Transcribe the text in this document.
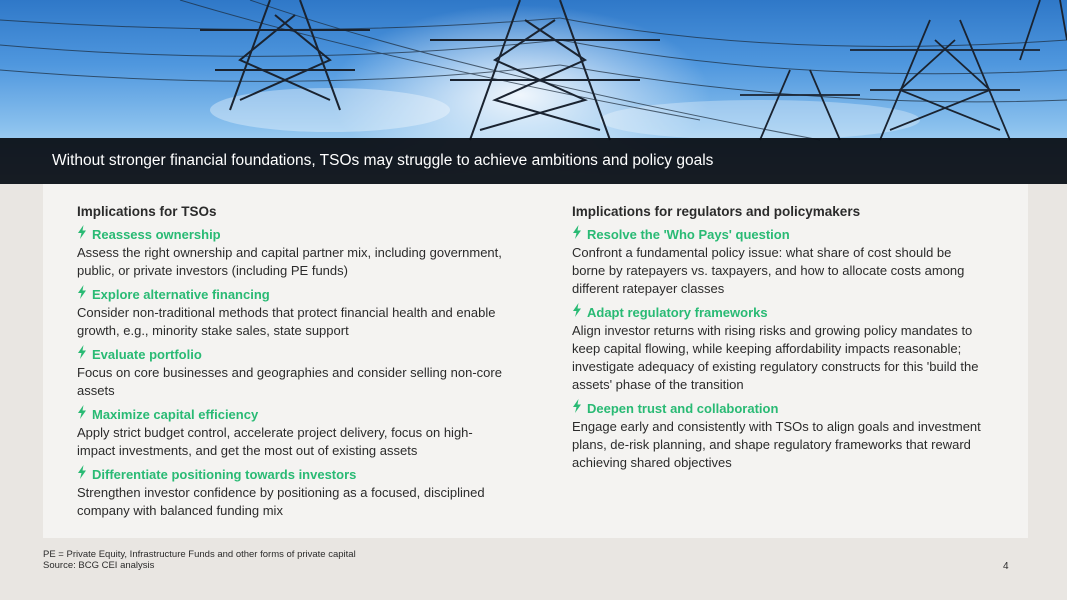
Without stronger financial foundations, TSOs may struggle to achieve ambitions and policy goals
Implications for TSOs
Reassess ownership
Assess the right ownership and capital partner mix, including government, public, or private investors (including PE funds)
Explore alternative financing
Consider non-traditional methods that protect financial health and enable growth, e.g., minority stake sales, state support
Evaluate portfolio
Focus on core businesses and geographies and consider selling non-core assets
Maximize capital efficiency
Apply strict budget control, accelerate project delivery, focus on high-impact investments, and get the most out of existing assets
Differentiate positioning towards investors
Strengthen investor confidence by positioning as a focused, disciplined company with balanced funding mix
Implications for regulators and policymakers
Resolve the 'Who Pays' question
Confront a fundamental policy issue: what share of cost should be borne by ratepayers vs. taxpayers, and how to allocate costs among different ratepayer classes
Adapt regulatory frameworks
Align investor returns with rising risks and growing policy mandates to keep capital flowing, while keeping affordability impacts reasonable; investigate adequacy of existing regulatory constructs for this 'build the assets' phase of the transition
Deepen trust and collaboration
Engage early and consistently with TSOs to align goals and investment plans, de-risk planning, and shape regulatory frameworks that reward achieving shared objectives
PE = Private Equity, Infrastructure Funds and other forms of private capital
Source: BCG CEI analysis	4
